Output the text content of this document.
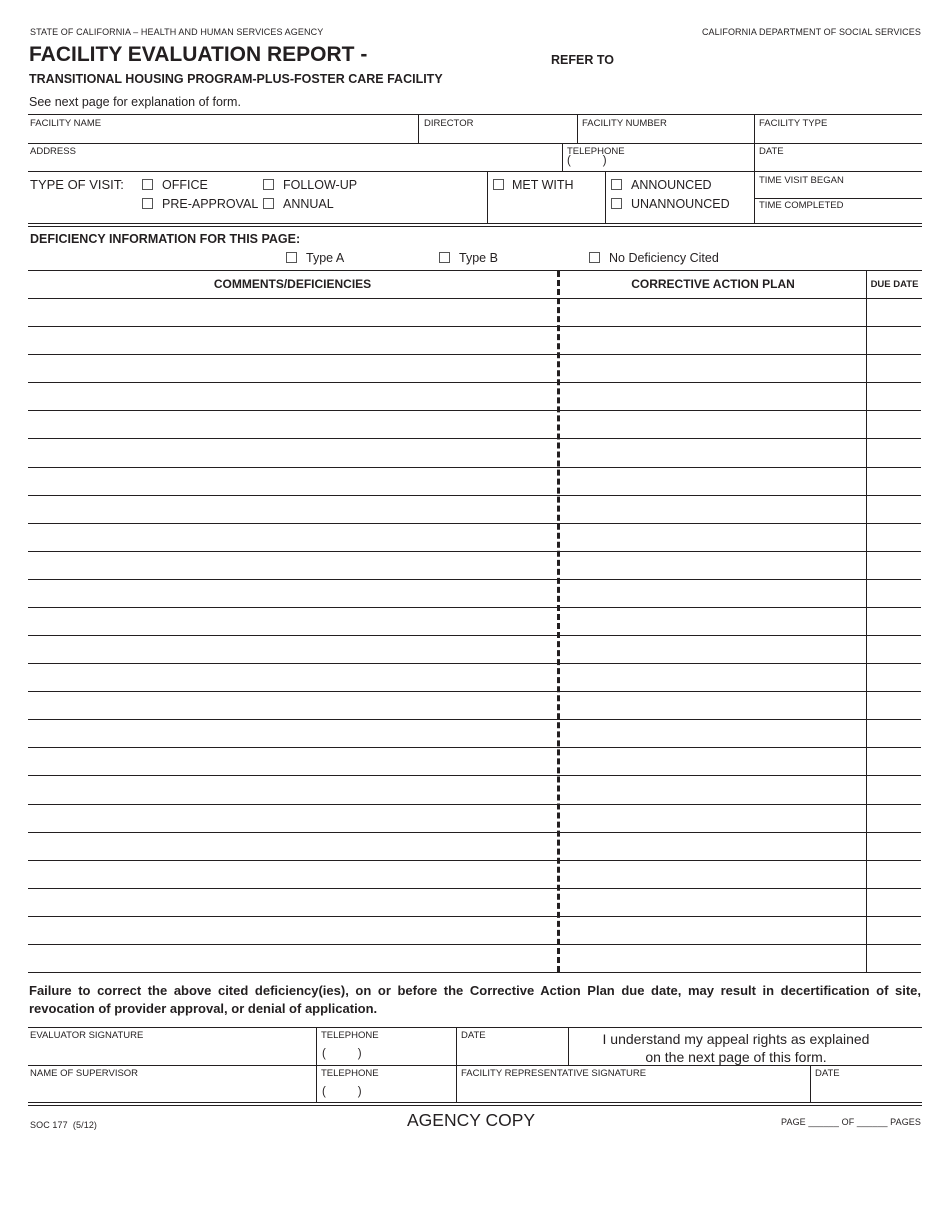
STATE OF CALIFORNIA – HEALTH AND HUMAN SERVICES AGENCY	CALIFORNIA DEPARTMENT OF SOCIAL SERVICES
FACILITY EVALUATION REPORT -	REFER TO
TRANSITIONAL HOUSING PROGRAM-PLUS-FOSTER CARE FACILITY
See next page for explanation of form.
FACILITY NAME	DIRECTOR	FACILITY NUMBER	FACILITY TYPE
ADDRESS	TELEPHONE
(          )
DATE
TYPE OF VISIT:	OFFICE	FOLLOW-UP
PRE-APPROVAL ANNUAL
MET WITH	ANNOUNCED
UNANNOUNCED
TIME VISIT BEGAN
TIME COMPLETED
DEFICIENCY INFORMATION FOR THIS PAGE:
Type A	Type B	No Deficiency Cited
COMMENTS/DEFICIENCIES	CORRECTIVE ACTION PLAN	DUE DATE
Failure to correct the above cited deficiency(ies), on or before the Corrective Action Plan due date, may result in decertification of site, revocation of provider approval, or denial of application.
EVALUATOR SIGNATURE	TELEPHONE
(          )
DATE	I understand my appeal rights as explained
on the next page of this form.
NAME OF SUPERVISOR	TELEPHONE
(          )
FACILITY REPRESENTATIVE SIGNATURE	DATE
SOC 177  (5/12)	AGENCY COPY	PAGE ______ OF ______ PAGES
